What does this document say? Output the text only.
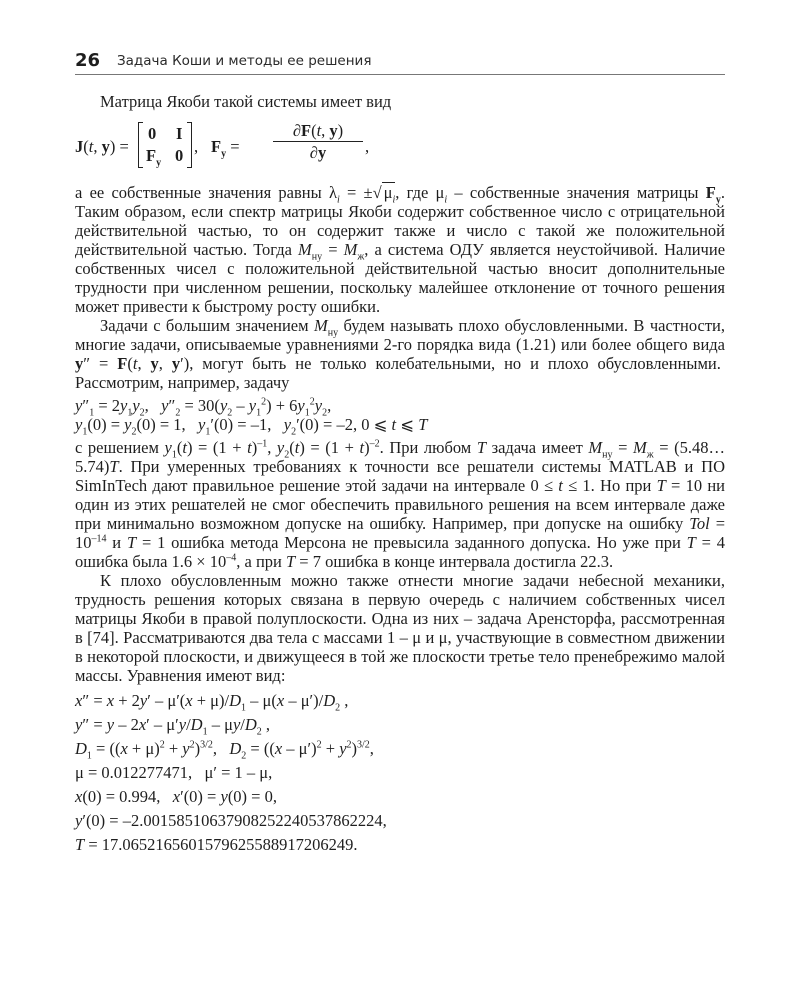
26 Задача Коши и методы ее решения

Матрица Якоби такой системы имеет вид

J(t, y) =
0 I
$F_y$ 0 , $F_y = \frac{\partial F(t, y)}{\partial y}$ ,

а ее собственные значения равны $\lambda_i$ = ±√ $\mu_i$, где $\mu_i$ – собственные значения матрицы $F_y$. Таким образом, если спектр матрицы Якоби содержит собственное число с отрицательной действительной частью, то он содержит также и число с такой же положительной действительной частью. Тогда $M_{ну} = M_ж$, а система ОДУ является неустойчивой. Наличие собственных чисел с положительной действительной частью вносит дополнительные трудности при численном решении, поскольку малейшее отклонение от точного решения может привести к быстрому росту ошибки.

Задачи с большим значением $M_{ну}$ будем называть плохо обусловленными. В частности, многие задачи, описываемые уравнениями 2-го порядка вида (1.21) или более общего вида y″ = F(t, y, y′), могут быть не только колебательными, но и плохо обусловленными.  Рассмотрим, например, задачу

$y''_1 = 2y_1y_2$,   $y''_2 = 30(y_2 - y_1^2) + 6y_1^2y_2$,

$y_1(0) = y_2(0) = 1$,   $y_1'(0) = -1$,   $y_2'(0) = -2$, 0 ⩽ t ⩽ T

с решением $y_1(t) = (1 + t)^{-1}$, $y_2(t) = (1 + t)^{-2}$. При любом T задача имеет $M_{ну} = M_ж$ = (5.48…5.74)T. При умеренных требованиях к точности все решатели системы MATLAB и ПО SimInTech дают правильное решение этой задачи на интервале 0 ≤ t ≤ 1. Но при T = 10 ни один из этих решателей не смог обеспечить правильного решения на всем интервале даже при минимально возможном допуске на ошибку. Например, при допуске на ошибку Tol = $10^{-14}$ и T = 1 ошибка метода Мерсона не превысила заданного допуска. Но уже при T = 4 ошибка была $1.6 \times 10^{-4}$, а при T = 7 ошибка в конце интервала достигла 22.3.

К плохо обусловленным можно также отнести многие задачи небесной механики, трудность решения которых связана в первую очередь с наличием собственных чисел матрицы Якоби в правой полуплоскости. Одна из них – задача Аренсторфа, рассмотренная в [74]. Рассматриваются два тела с массами 1 – μ и μ, участвующие в совместном движении в некоторой плоскости, и движущееся в той же плоскости третье тело пренебрежимо малой массы. Уравнения имеют вид:

$x'' = x + 2y' - \mu'(x + \mu)/D_1 - \mu(x - \mu')/D_2$ ,

$y'' = y - 2x' - \mu'y/D_1 - \mu y/D_2$ ,

$D_1 = ((x + \mu)^2 + y^2)^{3/2}$,   $D_2 = ((x - \mu')^2 + y^2)^{3/2}$,

μ = 0.012277471,   μ′ = 1 – μ,

x(0) = 0.994,   x′(0) = y(0) = 0,

y′(0) = –2.00158510637908252240537862224,

T = 17.0652165601579625588917206249.
